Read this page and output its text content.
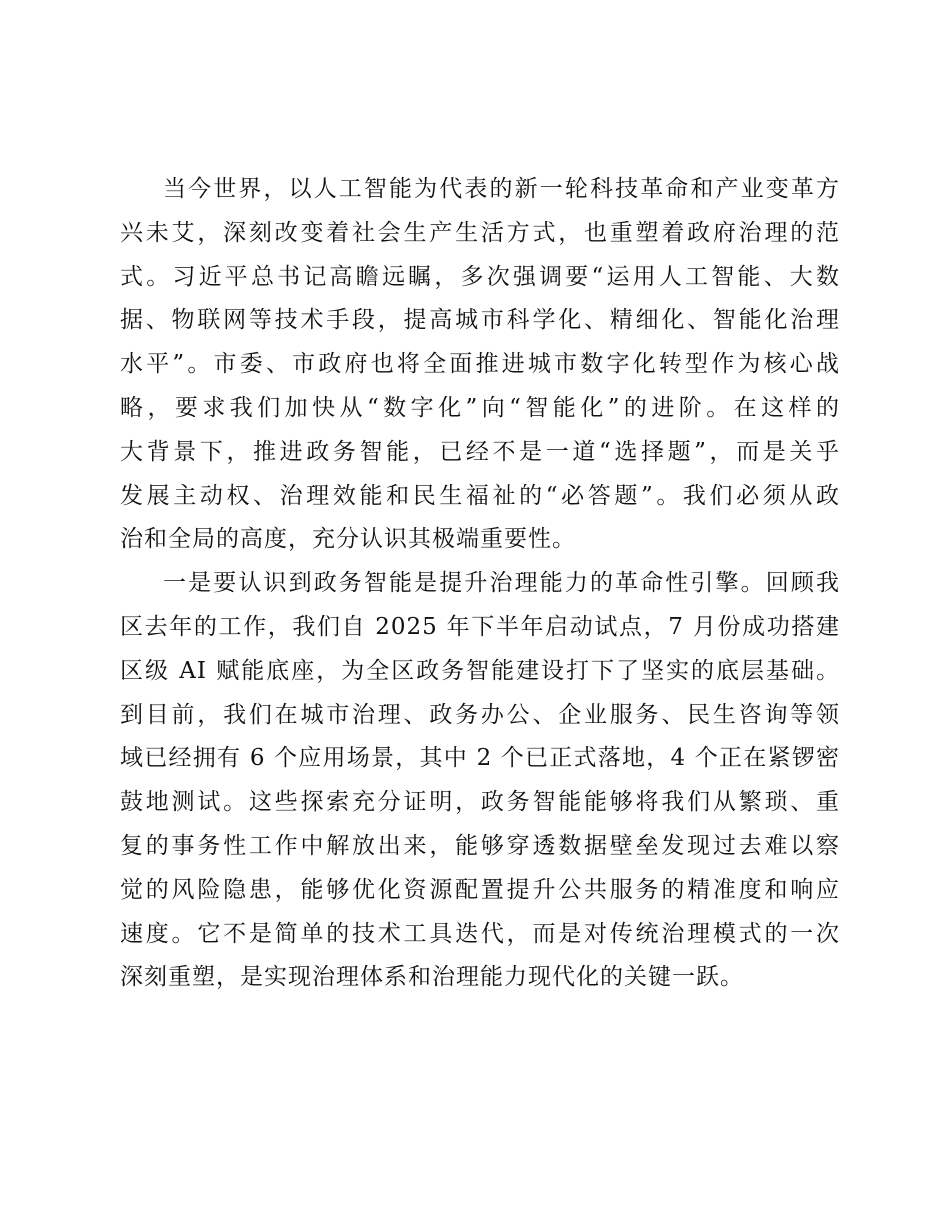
当今世界，以人工智能为代表的新一轮科技革命和产业变革方
兴未艾，深刻改变着社会生产生活方式，也重塑着政府治理的范
式。习近平总书记高瞻远瞩，多次强调要“运用人工智能、大数
据、物联网等技术手段，提高城市科学化、精细化、智能化治理
水平”。市委、市政府也将全面推进城市数字化转型作为核心战
略，要求我们加快从“数字化”向“智能化”的进阶。在这样的
大背景下，推进政务智能，已经不是一道“选择题”，而是关乎
发展主动权、治理效能和民生福祉的“必答题”。我们必须从政
治和全局的高度，充分认识其极端重要性。
一是要认识到政务智能是提升治理能力的革命性引擎。回顾我
区去年的工作，我们自 2025 年下半年启动试点，7 月份成功搭建
区级 AI 赋能底座，为全区政务智能建设打下了坚实的底层基础。
到目前，我们在城市治理、政务办公、企业服务、民生咨询等领
域已经拥有 6 个应用场景，其中 2 个已正式落地，4 个正在紧锣密
鼓地测试。这些探索充分证明，政务智能能够将我们从繁琐、重
复的事务性工作中解放出来，能够穿透数据壁垒发现过去难以察
觉的风险隐患，能够优化资源配置提升公共服务的精准度和响应
速度。它不是简单的技术工具迭代，而是对传统治理模式的一次
深刻重塑，是实现治理体系和治理能力现代化的关键一跃。
